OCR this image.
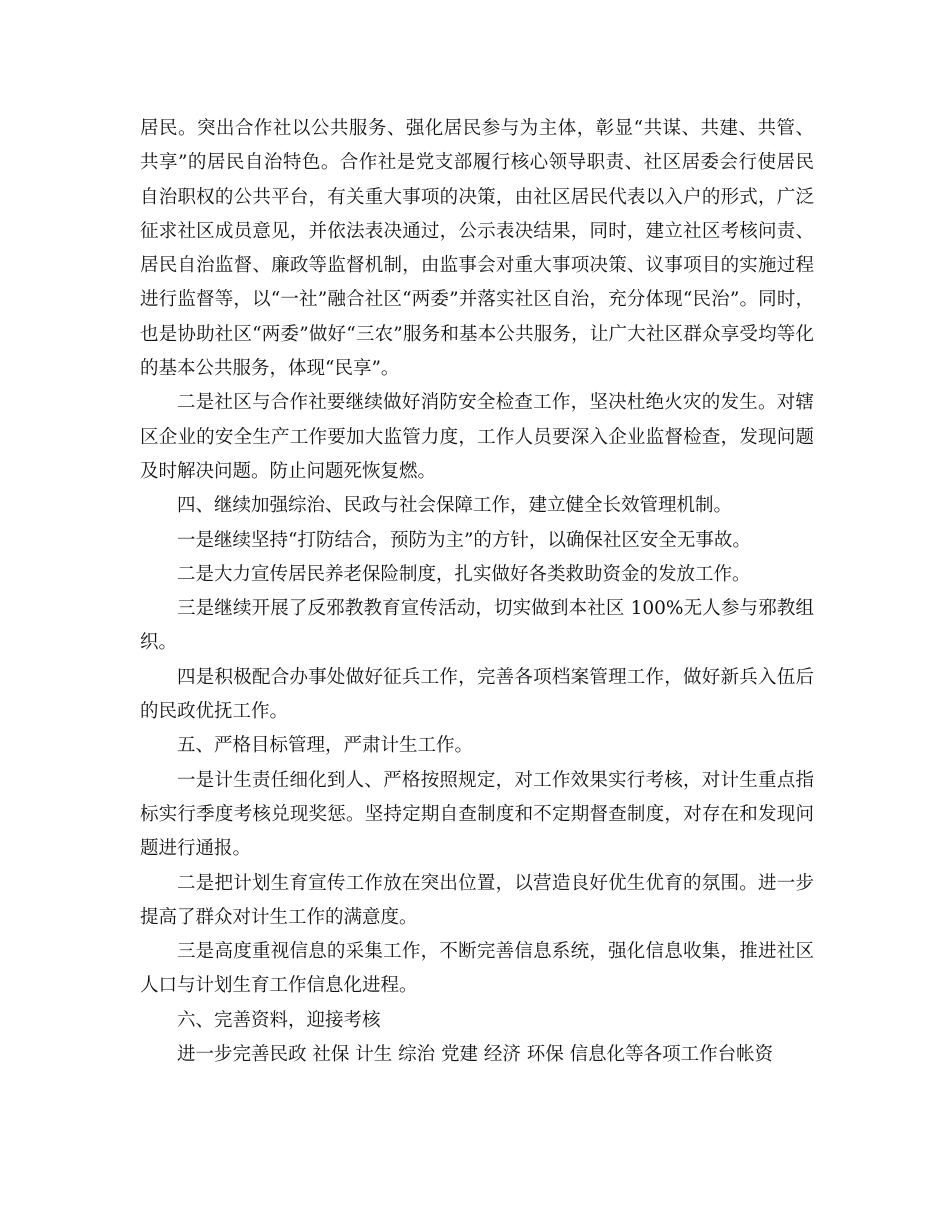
居民。突出合作社以公共服务、强化居民参与为主体，彰显“共谋、共建、共管、共享”的居民自治特色。合作社是党支部履行核心领导职责、社区居委会行使居民自治职权的公共平台，有关重大事项的决策，由社区居民代表以入户的形式，广泛征求社区成员意见，并依法表决通过，公示表决结果，同时，建立社区考核问责、居民自治监督、廉政等监督机制，由监事会对重大事项决策、议事项目的实施过程进行监督等，以“一社”融合社区“两委”并落实社区自治，充分体现“民治”。同时，也是协助社区“两委”做好“三农”服务和基本公共服务，让广大社区群众享受均等化的基本公共服务，体现“民享”。

二是社区与合作社要继续做好消防安全检查工作，坚决杜绝火灾的发生。对辖区企业的安全生产工作要加大监管力度，工作人员要深入企业监督检查，发现问题及时解决问题。防止问题死恢复燃。

四、继续加强综治、民政与社会保障工作，建立健全长效管理机制。

一是继续坚持“打防结合，预防为主”的方针，以确保社区安全无事故。

二是大力宣传居民养老保险制度，扎实做好各类救助资金的发放工作。

三是继续开展了反邪教教育宣传活动，切实做到本社区 100%无人参与邪教组织。

四是积极配合办事处做好征兵工作，完善各项档案管理工作，做好新兵入伍后的民政优抚工作。

五、严格目标管理，严肃计生工作。

一是计生责任细化到人、严格按照规定，对工作效果实行考核，对计生重点指标实行季度考核兑现奖惩。坚持定期自查制度和不定期督查制度，对存在和发现问题进行通报。

二是把计划生育宣传工作放在突出位置，以营造良好优生优育的氛围。进一步提高了群众对计生工作的满意度。

三是高度重视信息的采集工作，不断完善信息系统，强化信息收集，推进社区人口与计划生育工作信息化进程。

六、完善资料，迎接考核

进一步完善民政 社保 计生 综治 党建 经济 环保 信息化等各项工作台帐资
